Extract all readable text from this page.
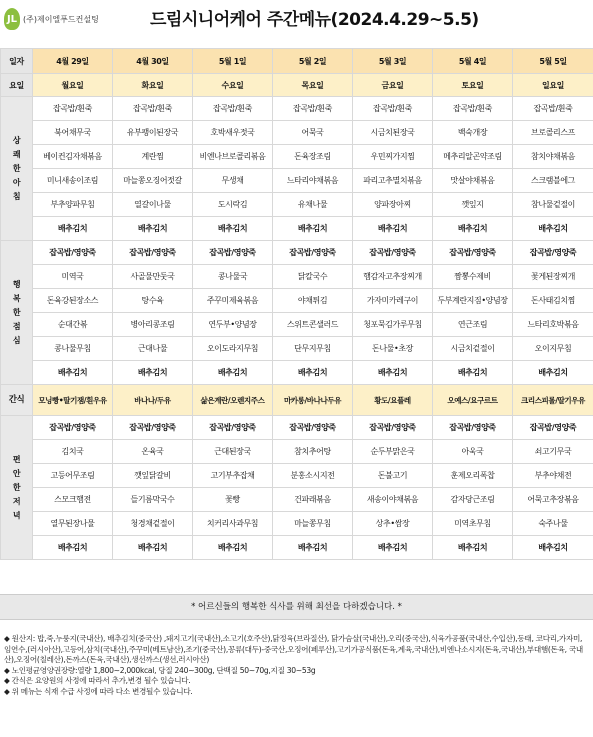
JL (주)제이엘푸드컨설팅	드림시니어케어 주간메뉴(2024.4.29~5.5)
일자	4월 29일	4월 30일	5월 1일	5월 2일	5월 3일	5월 4일	5월 5일
요일	월요일	화요일	수요일	목요일	금요일	토요일	일요일

상
쾌
한
아
침	잡곡밥/흰죽	잡곡밥/흰죽	잡곡밥/흰죽	잡곡밥/흰죽	잡곡밥/흰죽	잡곡밥/흰죽	잡곡밥/흰죽
	북어채무국	유부팽이된장국	호박새우젓국	어묵국	시금치된장국	백숙개장	브로콜리스프
	베이컨김자채볶음	계란찜	비엔나브로콜리볶음	돈육장조림	우민찌가지찜	메추리알곤약조림	참치야채볶음
	미니새송이조림	마늘쫑오징어젓갈	무생채	느타리야채볶음	파리고추멸치볶음	맛살야채볶음	스크램블에그
	부추양파무침	열갈이나물	도시락김	유채나물	양파장아찌	깻잎지	참나물겉절이
	배추김치	배추김치	배추김치	배추김치	배추김치	배추김치	배추김치

행
복
한
점
심	잡곡밥/영양죽	잡곡밥/영양죽	잡곡밥/영양죽	잡곡밥/영양죽	잡곡밥/영양죽	잡곡밥/영양죽	잡곡밥/영양죽
	미역국	사골물만둣국	콩나물국	닭칼국수	햄감자고추장찌개	짬뽕수제비	꽃게된장찌개
	돈육강된장소스	탕수육	주꾸미제육볶음	야채튀김	가자미카레구이	두부계란지짐•양념장	돈사태김치찜
	순대간볶	병아리콩조림	연두부•양념장	스위트콘샐러드	청포묵김가루무침	연근조림	느타리호박볶음
	콩나물무침	근대나물	오이도라지무침	단무지무침	돈나물•초장	시금치겉절이	오이지무침
	배추김치	배추김치	배추김치	배추김치	배추김치	배추김치	배추김치
간식	모닝빵•딸기잼/흰우유	바나나/두유	삶은계란/오렌지주스	마카롱/바나나두유	황도/요플레	오예스/요구르트	크리스피롤/딸기우유

편
안
한
저
녁	잡곡밥/영양죽	잡곡밥/영양죽	잡곡밥/영양죽	잡곡밥/영양죽	잡곡밥/영양죽	잡곡밥/영양죽	잡곡밥/영양죽
	김치국	온육국	근대된장국	참치추어탕	순두부맑은국	아욱국	쇠고기무국
	고등어무조림	깻잎닭갈비	고기부추잡채	분홍소시지전	돈불고기	훈제오리폭찹	부추야채전
	스모크햄전	들기름막국수	꽃빵	건파래볶음	새송이야채볶음	감자당근조림	어묵고추장볶음
	열무된장나물	청경채겉절이	치커리사과무침	마늘쫑무침	상추•쌈장	미역초무침	숙주나물
	배추김치	배추김치	배추김치	배추김치	배추김치	배추김치	배추김치
* 어르신들의 행복한 식사를 위해 최선을 다하겠습니다. *

◆ 원산지: 밥,죽,누룽지(국내산), 배추김치(중국산) ,돼지고기(국내산),소고기(호주산),닭정육(브라질산), 닭가슴살(국내산),오리(중국산),식육가공품(국내산,수입산),동태, 코다리,가자미,임연수,(러시아산),고등어,삼치(국내산),주꾸미(베트남산),조기(중국산),꽁류(대두)-중국산,오징어(페루산),고기가공식품(돈육,계육,국내산),비엔나소시지(돈육,국내산),부대햄(돈육, 국내산),오징어(칠레산),돈까스(돈육,국내산),생선까스(생선,러시아산)

◆ 노인평균영양권장량:열량 1,800~2,000kcal, 당질 240~300g, 단백질 50~70g,지질 30~53g

◆ 간식은 요양원의 사정에 따라서 추가,변경 될수 있습니다.

◆ 위 메뉴는 식재 수급 사정에 따라 다소 변경될수 있습니다.
